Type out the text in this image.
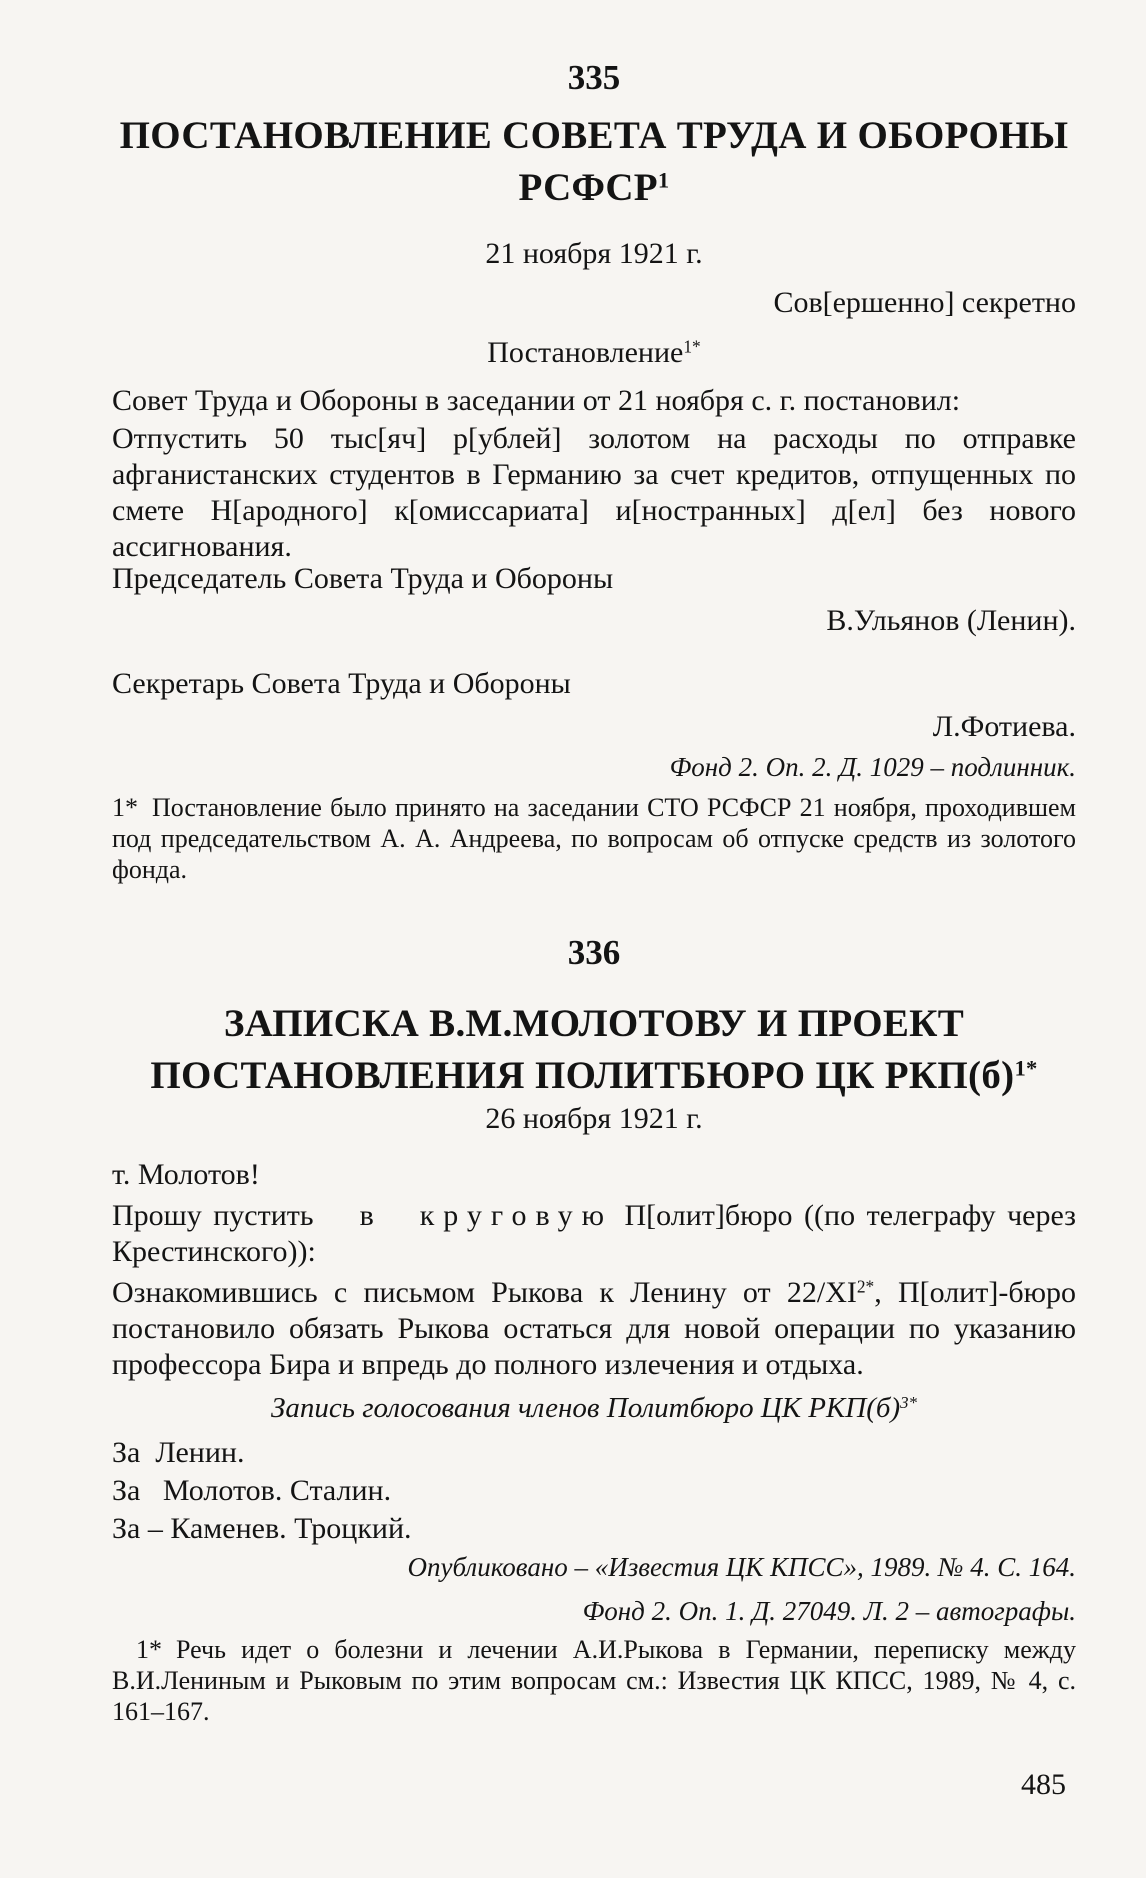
335
ПОСТАНОВЛЕНИЕ СОВЕТА ТРУДА И ОБОРОНЫ
РСФСР$^1$
21 ноября 1921 г.
Сов[ершенно] секретно
Постановление$^{1*}$

Совет Труда и Обороны в заседании от 21 ноября с. г. постановил:

Отпустить 50 тыс[яч] р[ублей] золотом на расходы по отправке афганистанских студентов в Германию за счет кредитов, отпущенных по смете Н[ародного] к[омиссариата] и[ностранных] д[ел] без нового ассигнования.

Председатель Совета Труда и Обороны
В.Ульянов (Ленин).
Секретарь Совета Труда и Обороны
Л.Фотиева.
Фонд 2. Оп. 2. Д. 1029 – подлинник.

1* Постановление было принято на заседании СТО РСФСР 21 ноября, проходившем под председательством А. А. Андреева, по вопросам об отпуске средств из золотого фонда.

336
ЗАПИСКА В.М.МОЛОТОВУ И ПРОЕКТ
ПОСТАНОВЛЕНИЯ ПОЛИТБЮРО ЦК $РКП(б)^{1*}$
26 ноября 1921 г.
т. Молотов!

Прошу пустить в круговую П[олит]бюро ((по телеграфу через Крестинского)):

Ознакомившись с письмом Рыкова к Ленину от $22/XI^{2*}$, П[олит]-бюро постановило обязать Рыкова остаться для новой операции по указанию профессора Бира и впредь до полного излечения и отдыха.

Запись голосования членов Политбюро ЦК $РКП(б)^{3*}$
За  Ленин.
За   Молотов. Сталин.
За – Каменев. Троцкий.
Опубликовано – «Известия ЦК КПСС», 1989. № 4. С. 164.
Фонд 2. Оп. 1. Д. 27049. Л. 2 – автографы.

1* Речь идет о болезни и лечении А.И.Рыкова в Германии, переписку между В.И.Лениным и Рыковым по этим вопросам см.: Известия ЦК КПСС, 1989, № 4, с. 161–167.

485
